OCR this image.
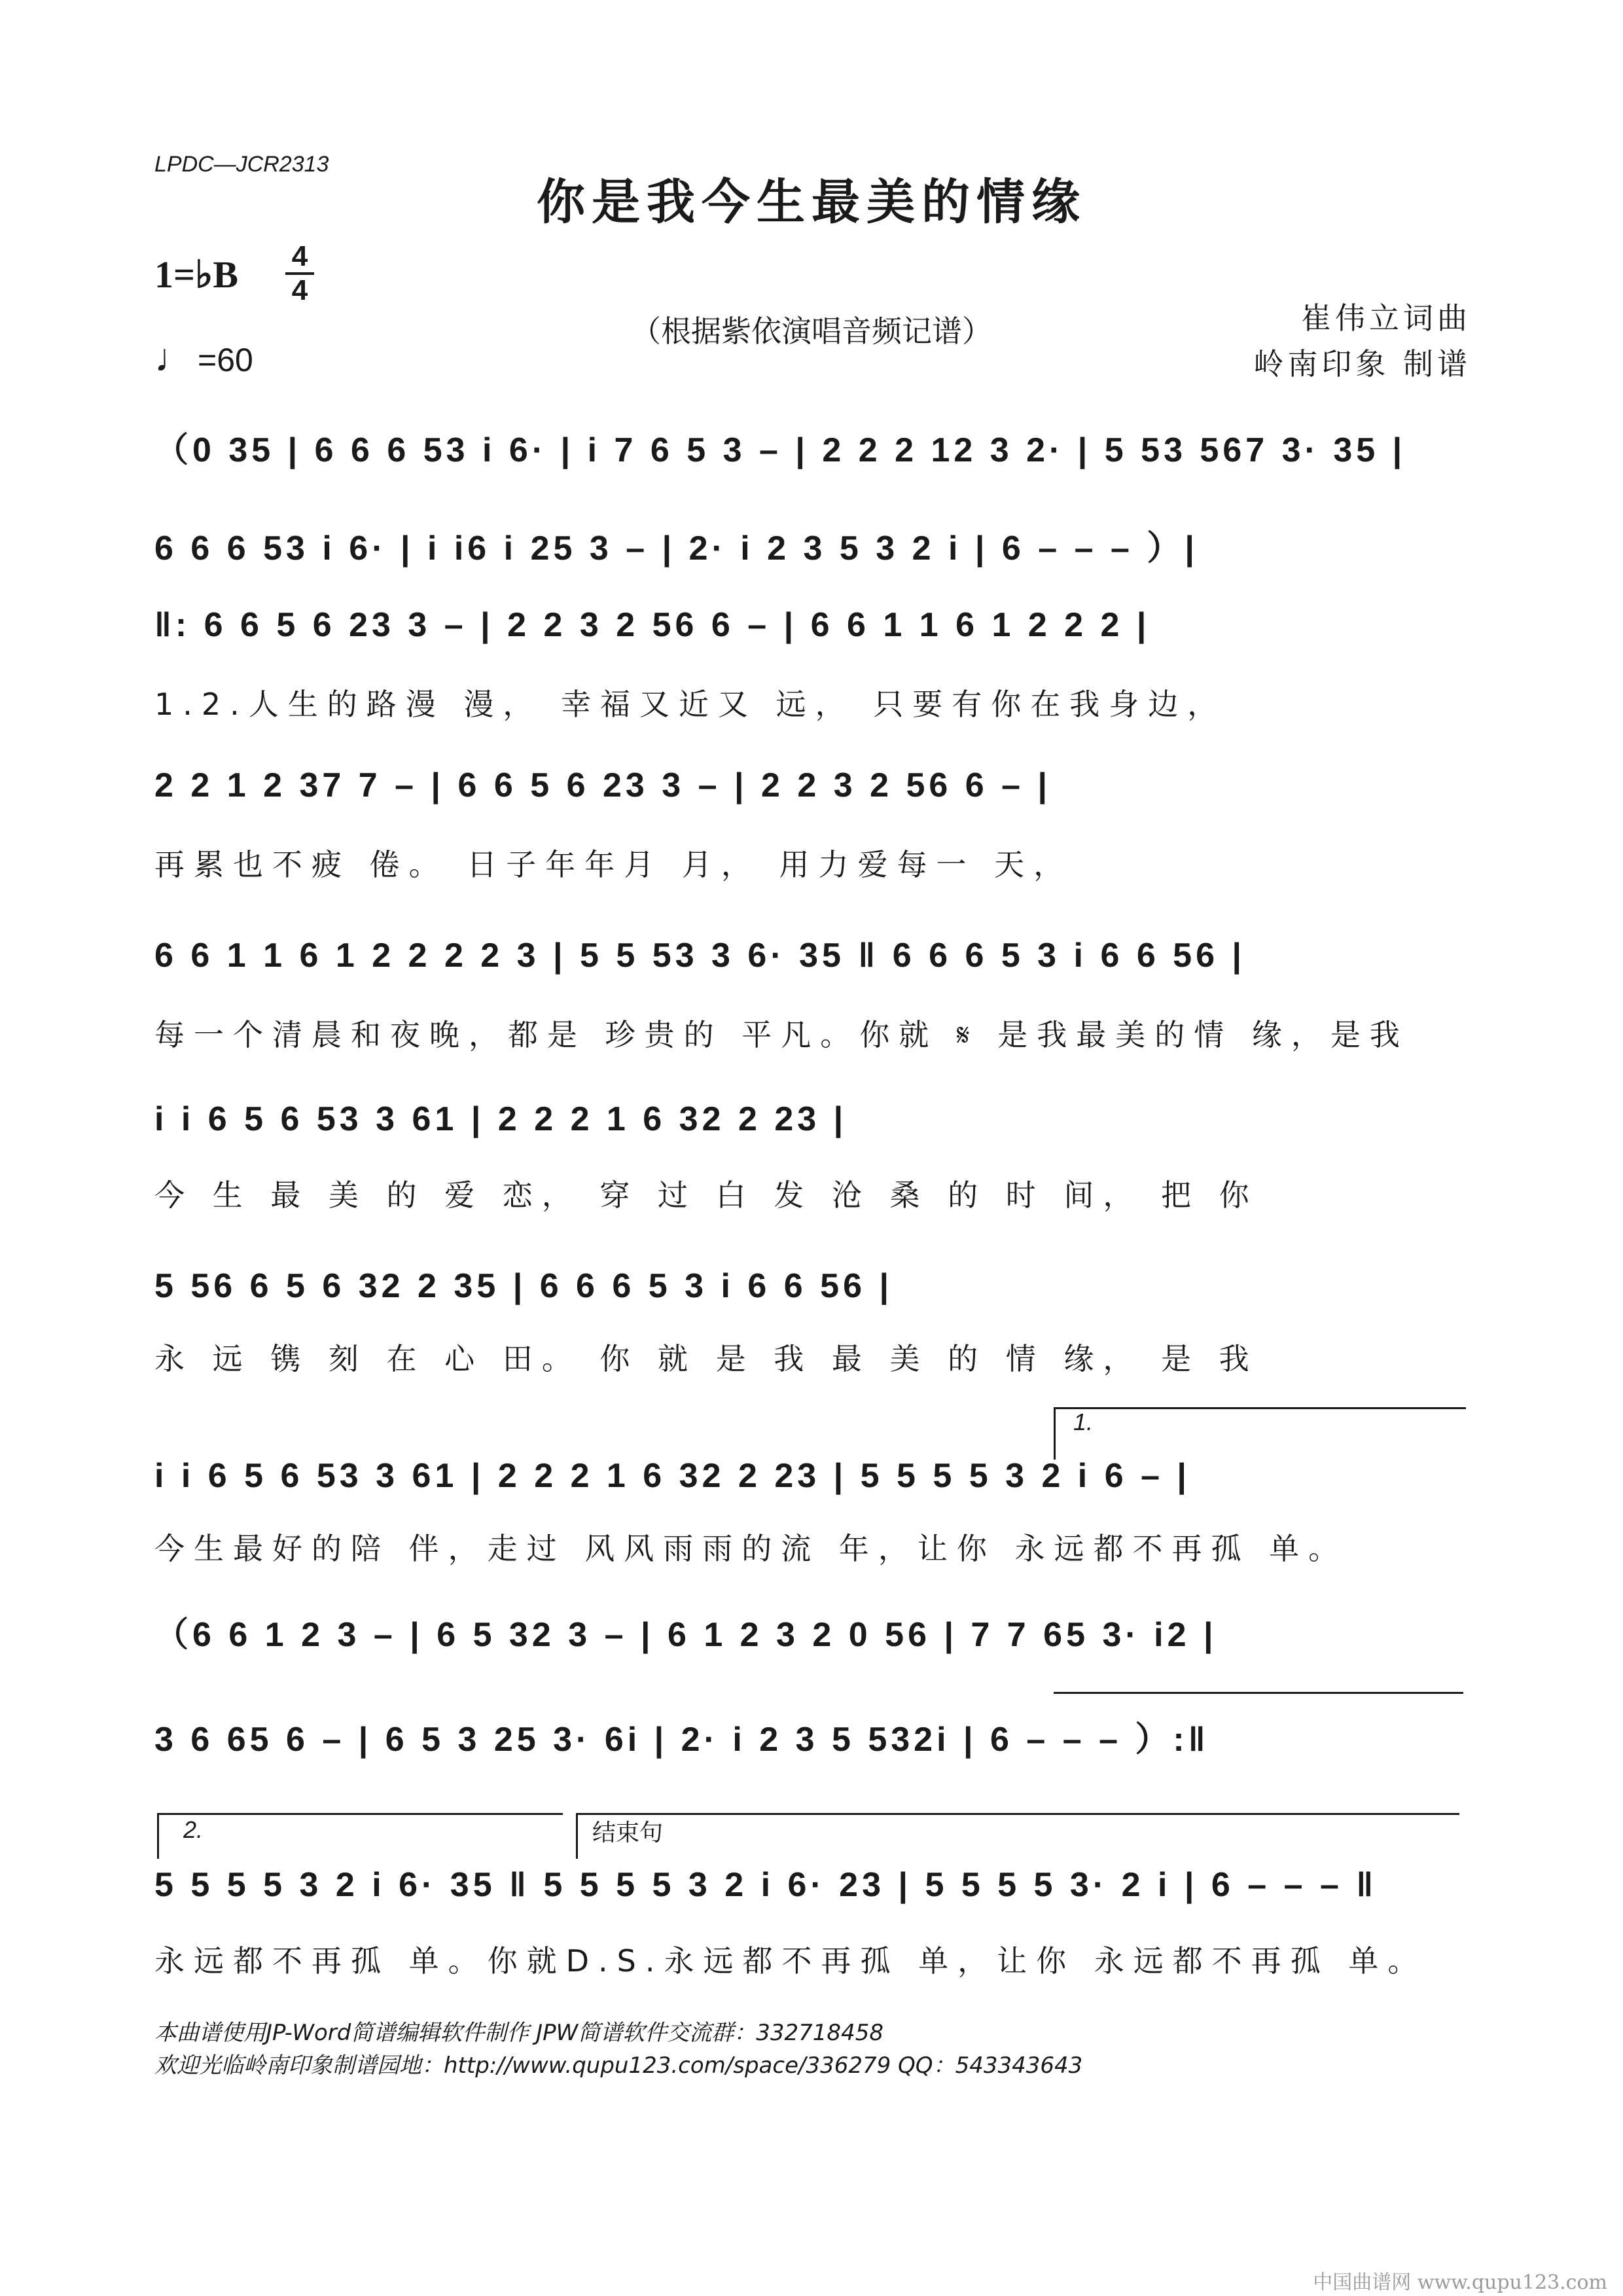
LPDC—JCR2313
你是我今生最美的情缘
1=♭B 4
4
♩ =60
（根据紫依演唱音频记谱）	崔伟立词曲
岭南印象 制谱
（0 35 | 6 6 6 53 i 6· | i 7 6 5 3 – | 2 2 2 12 3 2· | 5 53 567 3· 35 |
6 6 6 53 i 6· | i i6 i 25 3 – | 2· i 2 3 5 3 2 i | 6 – – – ）|
‖: 6 6 5 6 23 3 – | 2 2 3 2 56 6 – | 6 6 1 1 6 1 2 2 2 |
1.2.人生的路漫 漫， 幸福又近又 远， 只要有你在我身边，
2 2 1 2 37 7 – | 6 6 5 6 23 3 – | 2 2 3 2 56 6 – |
再累也不疲 倦。 日子年年月 月， 用力爱每一 天，
6 6 1 1 6 1 2 2 2 2 3 | 5 5 53 3 6· 35 ‖ 6 6 6 5 3 i 6 6 56 |
每一个清晨和夜晚，都是 珍贵的 平凡。你就 𝄋 是我最美的情 缘，是我
i i 6 5 6 53 3 61 | 2 2 2 1 6 32 2 23 |
今 生 最 美 的 爱 恋， 穿 过 白 发 沧 桑 的 时 间， 把 你
5 56 6 5 6 32 2 35 | 6 6 6 5 3 i 6 6 56 |
永 远 镌 刻 在 心 田。 你 就 是 我 最 美 的 情 缘， 是 我
1.
i i 6 5 6 53 3 61 | 2 2 2 1 6 32 2 23 | 5 5 5 5 3 2 i 6 – |
今生最好的陪 伴，走过 风风雨雨的流 年，让你 永远都不再孤 单。
（6 6 1 2 3 – | 6 5 32 3 – | 6 1 2 3 2 0 56 | 7 7 65 3· i2 |
3 6 65 6 – | 6 5 3 25 3· 6i | 2· i 2 3 5 532i | 6 – – – ）:‖
2.	结束句
5 5 5 5 3 2 i 6· 35 ‖ 5 5 5 5 3 2 i 6· 23 | 5 5 5 5 3· 2 i | 6 – – – ‖
永远都不再孤 单。你就D.S.永远都不再孤 单，让你 永远都不再孤 单。
本曲谱使用JP-Word简谱编辑软件制作 JPW简谱软件交流群：332718458
欢迎光临岭南印象制谱园地：http://www.qupu123.com/space/336279 QQ：543343643
中国曲谱网 www.qupu123.com
